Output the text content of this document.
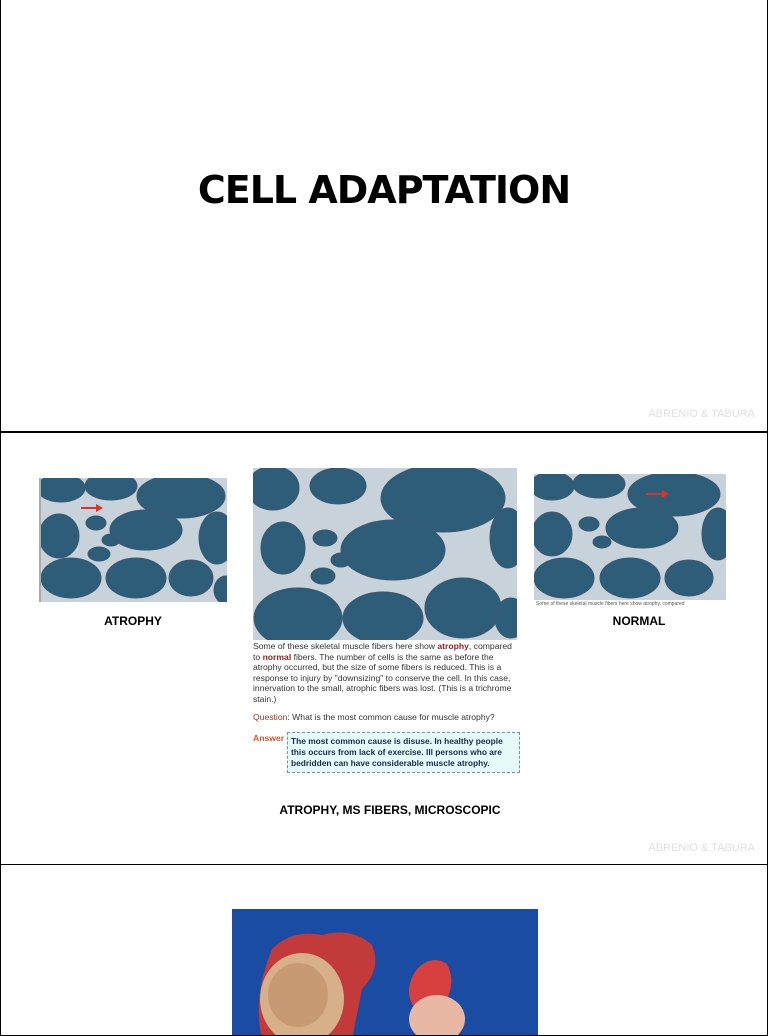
CELL ADAPTATION
ABRENIO & TABURA
ATROPHY
Some of these skeletal muscle fibers here show atrophy, compared to normal fibers. The number of cells is the same as before the atrophy occurred, but the size of some fibers is reduced. This is a response to injury by "downsizing" to conserve the cell. In this case, innervation to the small, atrophic fibers was lost. (This is a trichrome stain.)
Question: What is the most common cause for muscle atrophy?
Answer The most common cause is disuse. In healthy people this occurs from lack of exercise. Ill persons who are bedridden can have considerable muscle atrophy.
ATROPHY, MS FIBERS, MICROSCOPIC
Some of these skeletal muscle fibers here show atrophy, compared
NORMAL
ABRENIO & TABURA
